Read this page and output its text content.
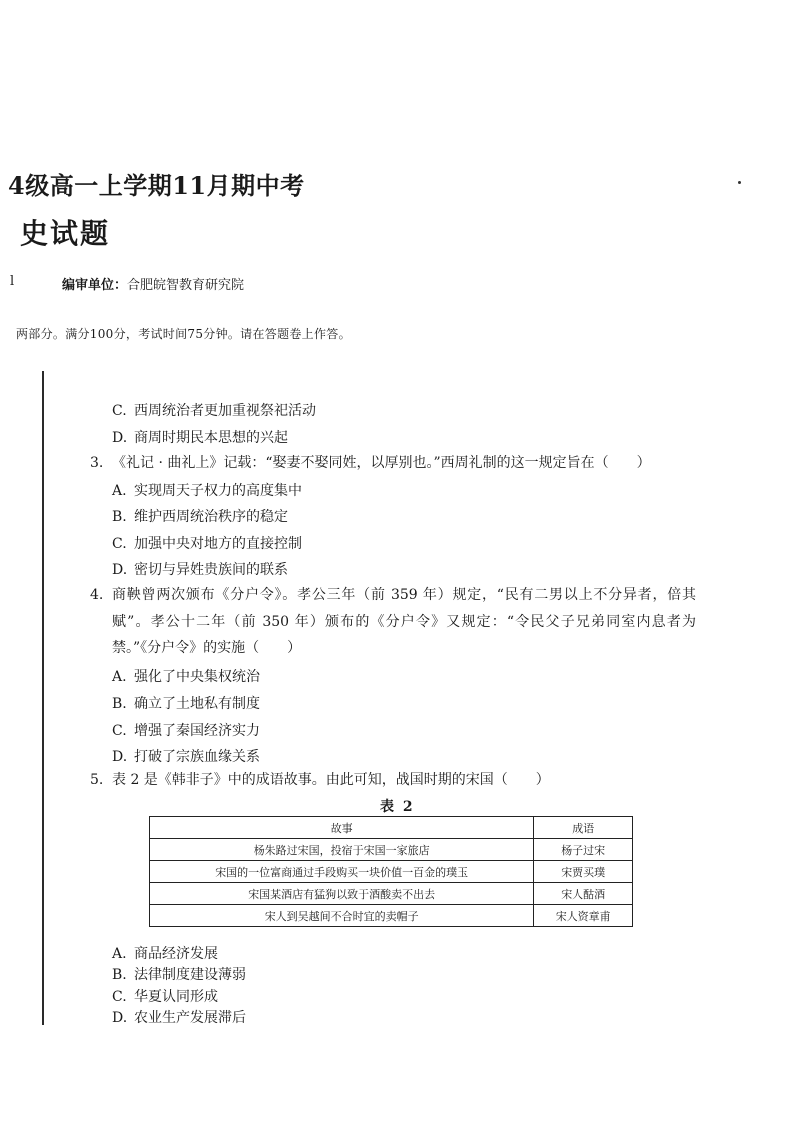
4级高一上学期11月期中考
史试题
l	编审单位：合肥皖智教育研究院
两部分。满分100分，考试时间75分钟。请在答题卷上作答。
C. 西周统治者更加重视祭祀活动
D. 商周时期民本思想的兴起
3. 《礼记 · 曲礼上》记载：“娶妻不娶同姓，以厚别也。”西周礼制的这一规定旨在（　　）
A. 实现周天子权力的高度集中
B. 维护西周统治秩序的稳定
C. 加强中央对地方的直接控制
D. 密切与异姓贵族间的联系
4. 商鞅曾两次颁布《分户令》。孝公三年（前 359 年）规定，“民有二男以上不分异者，倍其赋”。孝公十二年（前 350 年）颁布的《分户令》又规定：“令民父子兄弟同室内息者为禁。”《分户令》的实施（　　）
A. 强化了中央集权统治
B. 确立了土地私有制度
C. 增强了秦国经济实力
D. 打破了宗族血缘关系
5. 表 2 是《韩非子》中的成语故事。由此可知，战国时期的宋国（　　）
表 2
故事	成语
杨朱路过宋国，投宿于宋国一家旅店	杨子过宋
宋国的一位富商通过手段购买一块价值一百金的璞玉	宋贾买璞
宋国某酒店有猛狗以致于酒酸卖不出去	宋人酤酒
宋人到吴越间不合时宜的卖帽子	宋人资章甫
A. 商品经济发展
B. 法律制度建设薄弱
C. 华夏认同形成
D. 农业生产发展滞后
